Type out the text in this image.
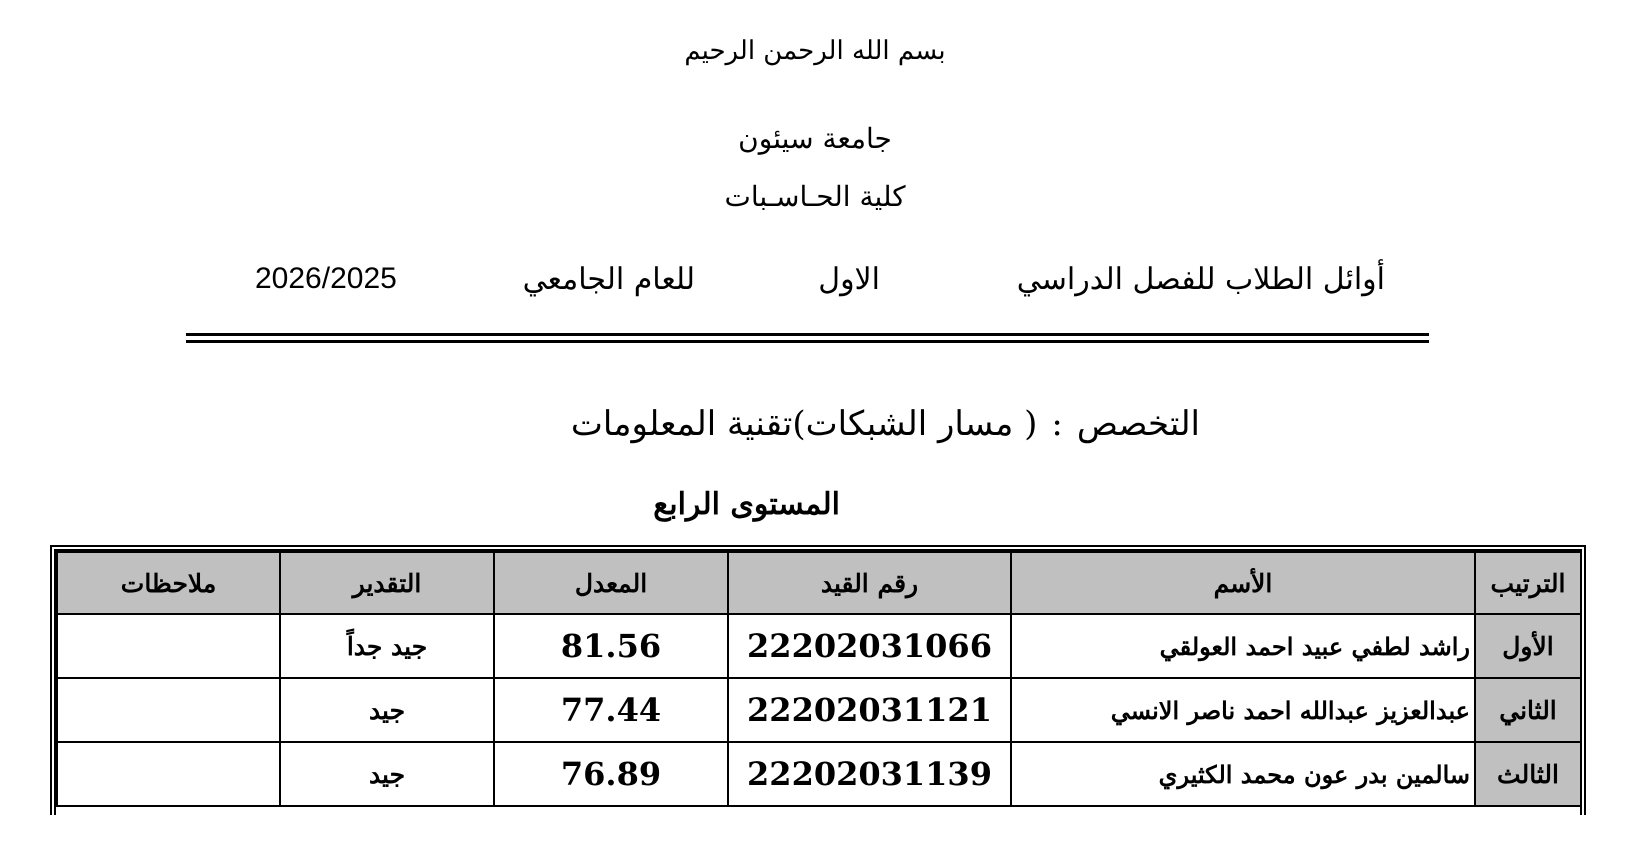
بسم الله الرحمن الرحيم
جامعة سيئون
كلية الحـاسـبات
أوائل الطلاب للفصل الدراسي
الاول
للعام الجامعي
2026/2025
التخصص:( مسار الشبكات)تقنية المعلومات
المستوى الرابع
الترتيب	الأسم	رقم القيد	المعدل	التقدير	ملاحظات
الأول	راشد لطفي عبيد احمد العولقي	22202031066	81.56	جيد جداً	
الثاني	عبدالعزيز عبدالله احمد ناصر الانسي	22202031121	77.44	جيد	
الثالث	سالمين بدر عون محمد الكثيري	22202031139	76.89	جيد	
